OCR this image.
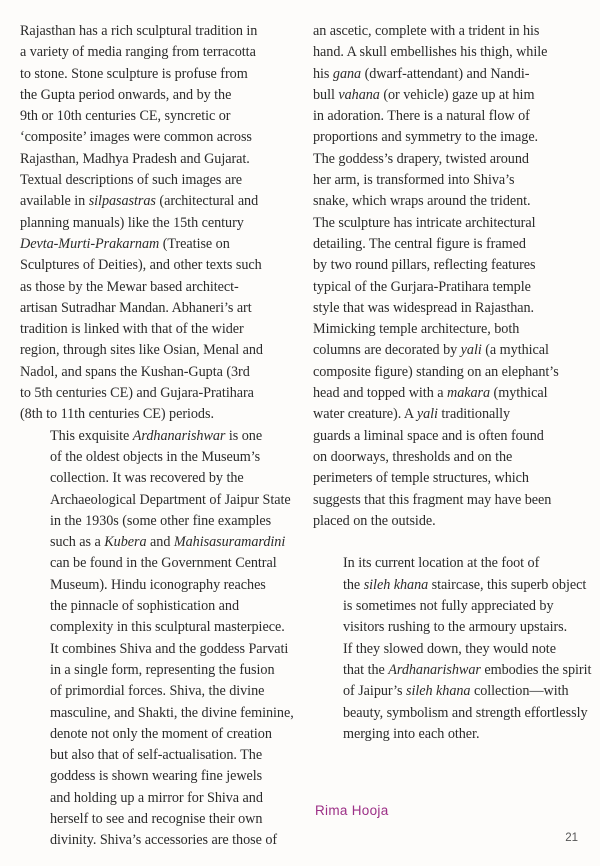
Rajasthan has a rich sculptural tradition in
a variety of media ranging from terracotta
to stone. Stone sculpture is profuse from
the Gupta period onwards, and by the
9th or 10th centuries CE, syncretic or
‘composite’ images were common across
Rajasthan, Madhya Pradesh and Gujarat.
Textual descriptions of such images are
available in silpasastras (architectural and
planning manuals) like the 15th century
Devta-Murti-Prakarnam (Treatise on
Sculptures of Deities), and other texts such
as those by the Mewar based architect-
artisan Sutradhar Mandan. Abhaneri’s art
tradition is linked with that of the wider
region, through sites like Osian, Menal and
Nadol, and spans the Kushan-Gupta (3rd
to 5th centuries CE) and Gujara-Pratihara
(8th to 11th centuries CE) periods.

This exquisite Ardhanarishwar is one
of the oldest objects in the Museum’s
collection. It was recovered by the
Archaeological Department of Jaipur State
in the 1930s (some other fine examples
such as a Kubera and Mahisasuramardini
can be found in the Government Central
Museum). Hindu iconography reaches
the pinnacle of sophistication and
complexity in this sculptural masterpiece.
It combines Shiva and the goddess Parvati
in a single form, representing the fusion
of primordial forces. Shiva, the divine
masculine, and Shakti, the divine feminine,
denote not only the moment of creation
but also that of self-actualisation. The
goddess is shown wearing fine jewels
and holding up a mirror for Shiva and
herself to see and recognise their own
divinity. Shiva’s accessories are those of

an ascetic, complete with a trident in his
hand. A skull embellishes his thigh, while
his gana (dwarf-attendant) and Nandi-
bull vahana (or vehicle) gaze up at him
in adoration. There is a natural flow of
proportions and symmetry to the image.
The goddess’s drapery, twisted around
her arm, is transformed into Shiva’s
snake, which wraps around the trident.
The sculpture has intricate architectural
detailing. The central figure is framed
by two round pillars, reflecting features
typical of the Gurjara-Pratihara temple
style that was widespread in Rajasthan.
Mimicking temple architecture, both
columns are decorated by yali (a mythical
composite figure) standing on an elephant’s
head and topped with a makara (mythical
water creature). A yali traditionally
guards a liminal space and is often found
on doorways, thresholds and on the
perimeters of temple structures, which
suggests that this fragment may have been
placed on the outside.

In its current location at the foot of
the sileh khana staircase, this superb object
is sometimes not fully appreciated by
visitors rushing to the armoury upstairs.
If they slowed down, they would note
that the Ardhanarishwar embodies the spirit
of Jaipur’s sileh khana collection—with
beauty, symbolism and strength effortlessly
merging into each other.

Rima Hooja
21
